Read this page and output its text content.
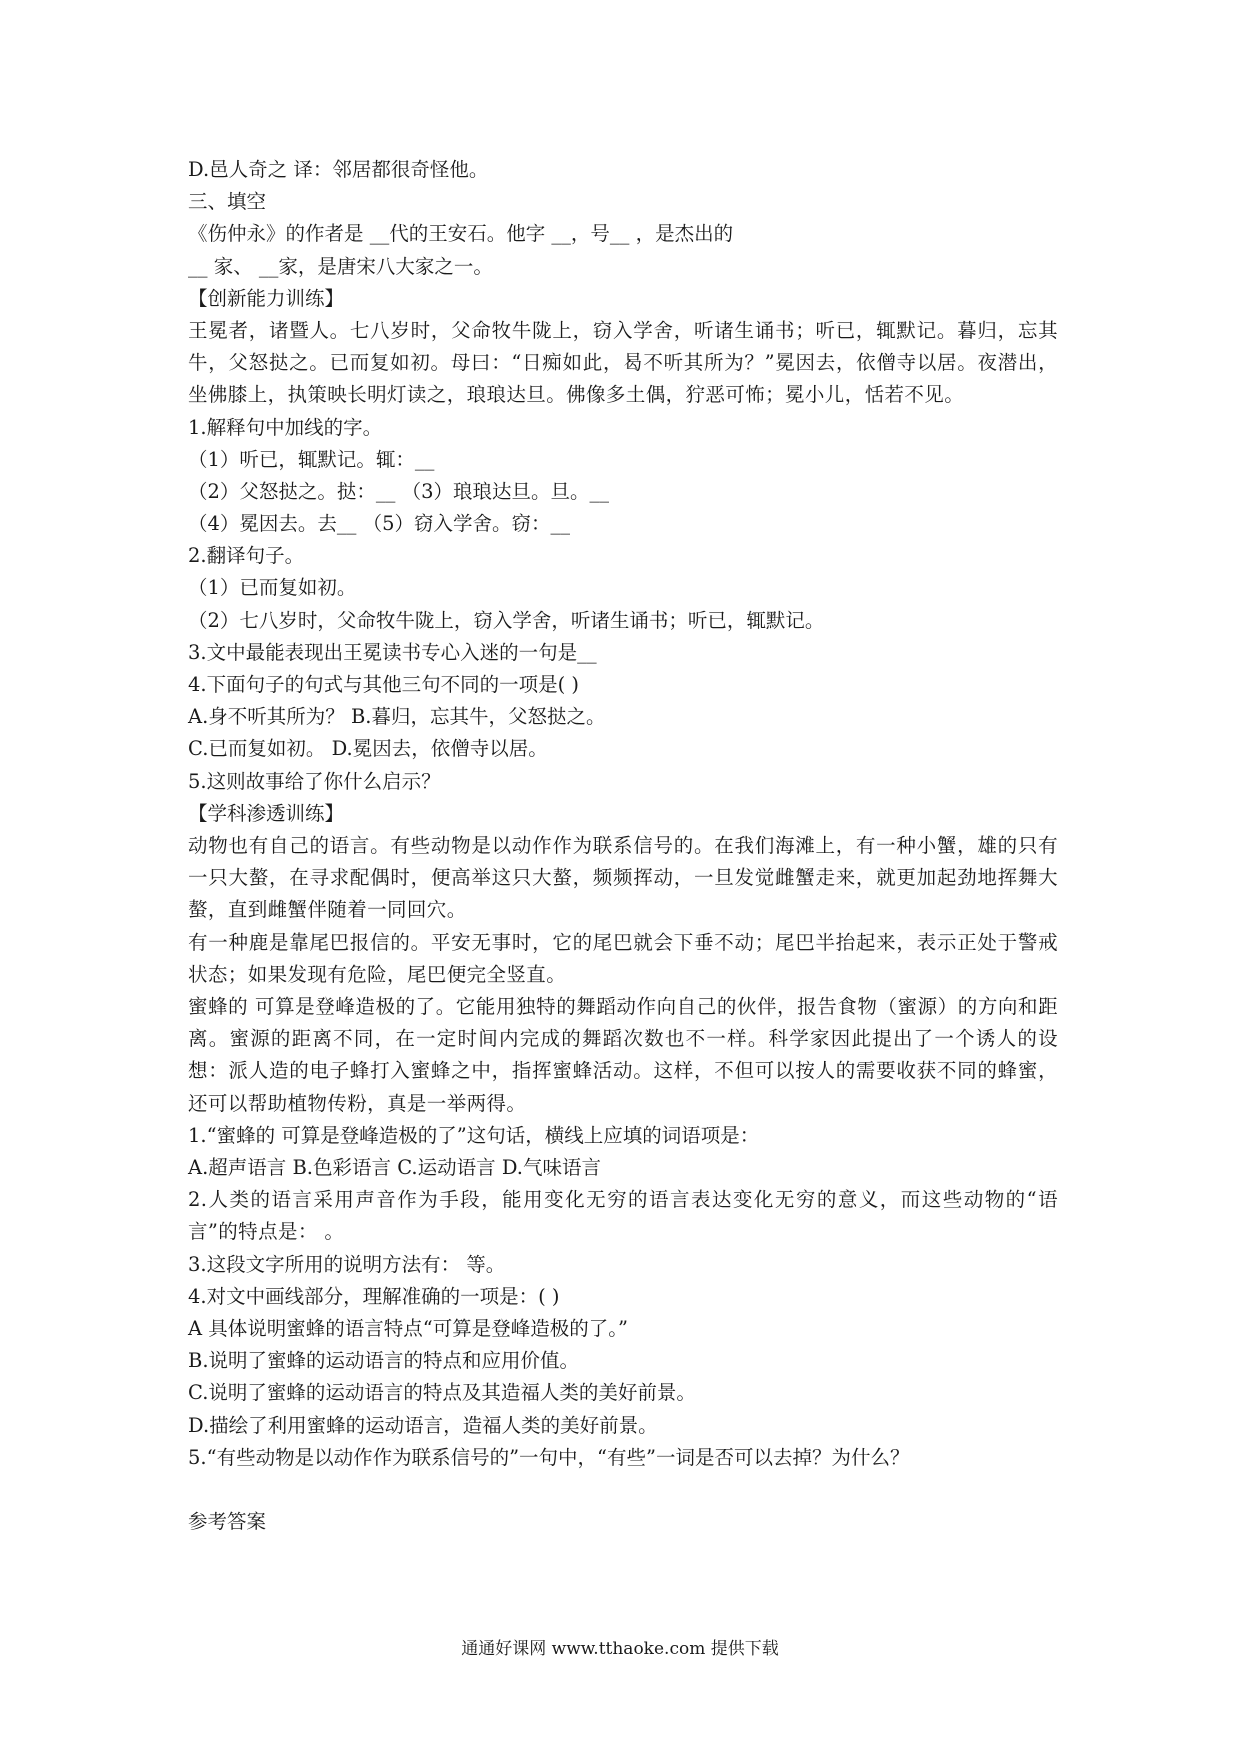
D.邑人奇之 译：邻居都很奇怪他。
三、填空
《伤仲永》的作者是 __代的王安石。他字 __，号__ ，是杰出的
__ 家、 __家，是唐宋八大家之一。
【创新能力训练】
王冕者，诸暨人。七八岁时，父命牧牛陇上，窃入学舍，听诸生诵书；听已，辄默记。暮归，忘其牛，父怒挞之。已而复如初。母曰：“日痴如此，曷不听其所为？”冕因去，依僧寺以居。夜潜出，坐佛膝上，执策映长明灯读之，琅琅达旦。佛像多土偶，狞恶可怖；冕小儿，恬若不见。
1.解释句中加线的字。
（1）听已，辄默记。辄：__
（2）父怒挞之。挞：__ （3）琅琅达旦。旦。__
（4）冕因去。去__ （5）窃入学舍。窃：__
2.翻译句子。
（1）已而复如初。
（2）七八岁时，父命牧牛陇上，窃入学舍，听诸生诵书；听已，辄默记。
3.文中最能表现出王冕读书专心入迷的一句是__
4.下面句子的句式与其他三句不同的一项是( )
A.身不听其所为？ B.暮归，忘其牛，父怒挞之。
C.已而复如初。 D.冕因去，依僧寺以居。
5.这则故事给了你什么启示？
【学科渗透训练】
动物也有自己的语言。有些动物是以动作作为联系信号的。在我们海滩上，有一种小蟹，雄的只有一只大螯，在寻求配偶时，便高举这只大螯，频频挥动，一旦发觉雌蟹走来，就更加起劲地挥舞大螯，直到雌蟹伴随着一同回穴。
有一种鹿是靠尾巴报信的。平安无事时，它的尾巴就会下垂不动；尾巴半抬起来，表示正处于警戒状态；如果发现有危险，尾巴便完全竖直。
蜜蜂的 可算是登峰造极的了。它能用独特的舞蹈动作向自己的伙伴，报告食物（蜜源）的方向和距离。蜜源的距离不同，在一定时间内完成的舞蹈次数也不一样。科学家因此提出了一个诱人的设想：派人造的电子蜂打入蜜蜂之中，指挥蜜蜂活动。这样，不但可以按人的需要收获不同的蜂蜜，还可以帮助植物传粉，真是一举两得。
1.“蜜蜂的 可算是登峰造极的了”这句话，横线上应填的词语项是：
A.超声语言 B.色彩语言 C.运动语言 D.气味语言
2.人类的语言采用声音作为手段，能用变化无穷的语言表达变化无穷的意义，而这些动物的“语言”的特点是： 。
3.这段文字所用的说明方法有： 等。
4.对文中画线部分，理解准确的一项是：( )
A 具体说明蜜蜂的语言特点“可算是登峰造极的了。”
B.说明了蜜蜂的运动语言的特点和应用价值。
C.说明了蜜蜂的运动语言的特点及其造福人类的美好前景。
D.描绘了利用蜜蜂的运动语言，造福人类的美好前景。
5.“有些动物是以动作作为联系信号的”一句中，“有些”一词是否可以去掉？为什么？
参考答案
通通好课网 www.tthaoke.com 提供下载
